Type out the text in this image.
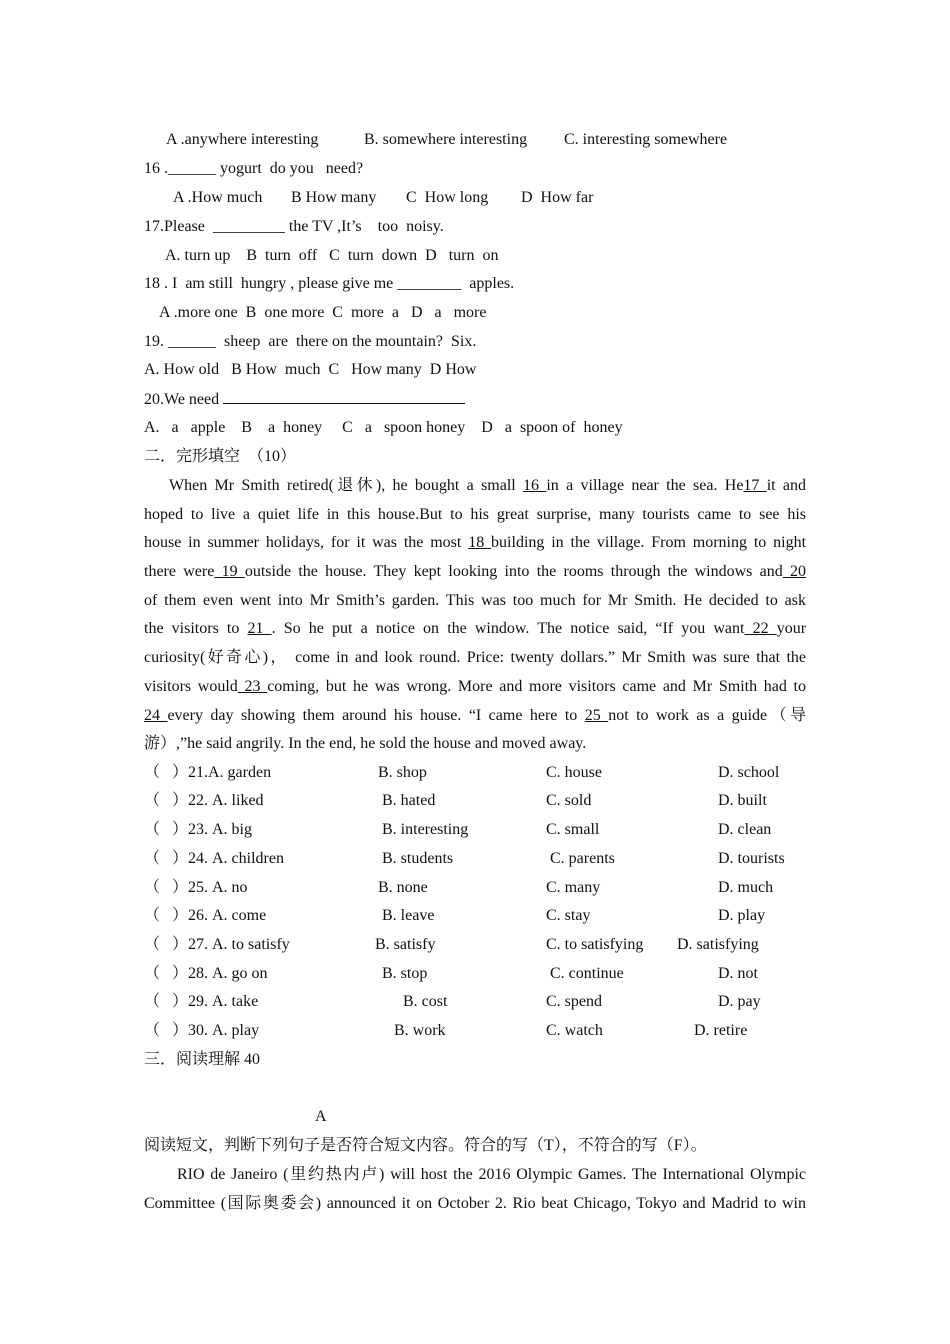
A .anywhere interesting	B. somewhere interesting C. interesting somewhere
16 .______ yogurt  do you   need?
A .How much B How many C  How long D  How far
17.Please  _________ the TV ,It’s    too  noisy.
A. turn up    B  turn  off   C  turn  down  D   turn  on
18 . I  am still  hungry , please give me ________  apples.
A .more one  B  one more  C  more  a   D   a   more
19. ______  sheep  are  there on the mountain?  Six.
A. How old   B How  much  C   How many  D How
20.We need
A.   a   apple    B    a  honey     C   a   spoon honey    D   a  spoon of  honey
二．完形填空  （10）
When Mr Smith retired(退休), he bought a small 16 in a village near the sea. He17 it and
hoped to live a quiet life in this house.But to his great surprise, many tourists came to see his
house in summer holidays, for it was the most 18 building in the village. From morning to night
there were 19 outside the house. They kept looking into the rooms through the windows and 20
of them even went into Mr Smith’s garden. This was too much for Mr Smith. He decided to ask
the visitors to 21 . So he put a notice on the window. The notice said, “If you want 22 your
curiosity(好奇心)， come in and look round. Price: twenty dollars.” Mr Smith was sure that the
visitors would 23 coming, but he was wrong. More and more visitors came and Mr Smith had to
24 every day showing them around his house. “I came here to 25 not to work as a guide（导
游）,”he said angrily. In the end, he sold the house and moved away.
（   ）21.A. garden	B. shop	C. house	D. school
（   ）22. A. liked	B. hated	C. sold	D. built
（   ）23. A. big	B. interesting	C. small	D. clean
（   ）24. A. children	B. students	C. parents	D. tourists
（   ）25. A. no	B. none	C. many	D. much
（   ）26. A. come	B. leave	C. stay	D. play
（   ）27. A. to satisfy	B. satisfy	C. to satisfying D. satisfying
（   ）28. A. go on	B. stop	C. continue	D. not
（   ）29. A. take	B. cost	C. spend	D. pay
（   ）30. A. play	B. work	C. watch	D. retire
三．阅读理解 40
A
阅读短文，判断下列句子是否符合短文内容。符合的写（T），不符合的写（F）。
RIO de Janeiro (里约热内卢) will host the 2016 Olympic Games. The International Olympic
Committee (国际奥委会) announced it on October 2. Rio beat Chicago, Tokyo and Madrid to win
